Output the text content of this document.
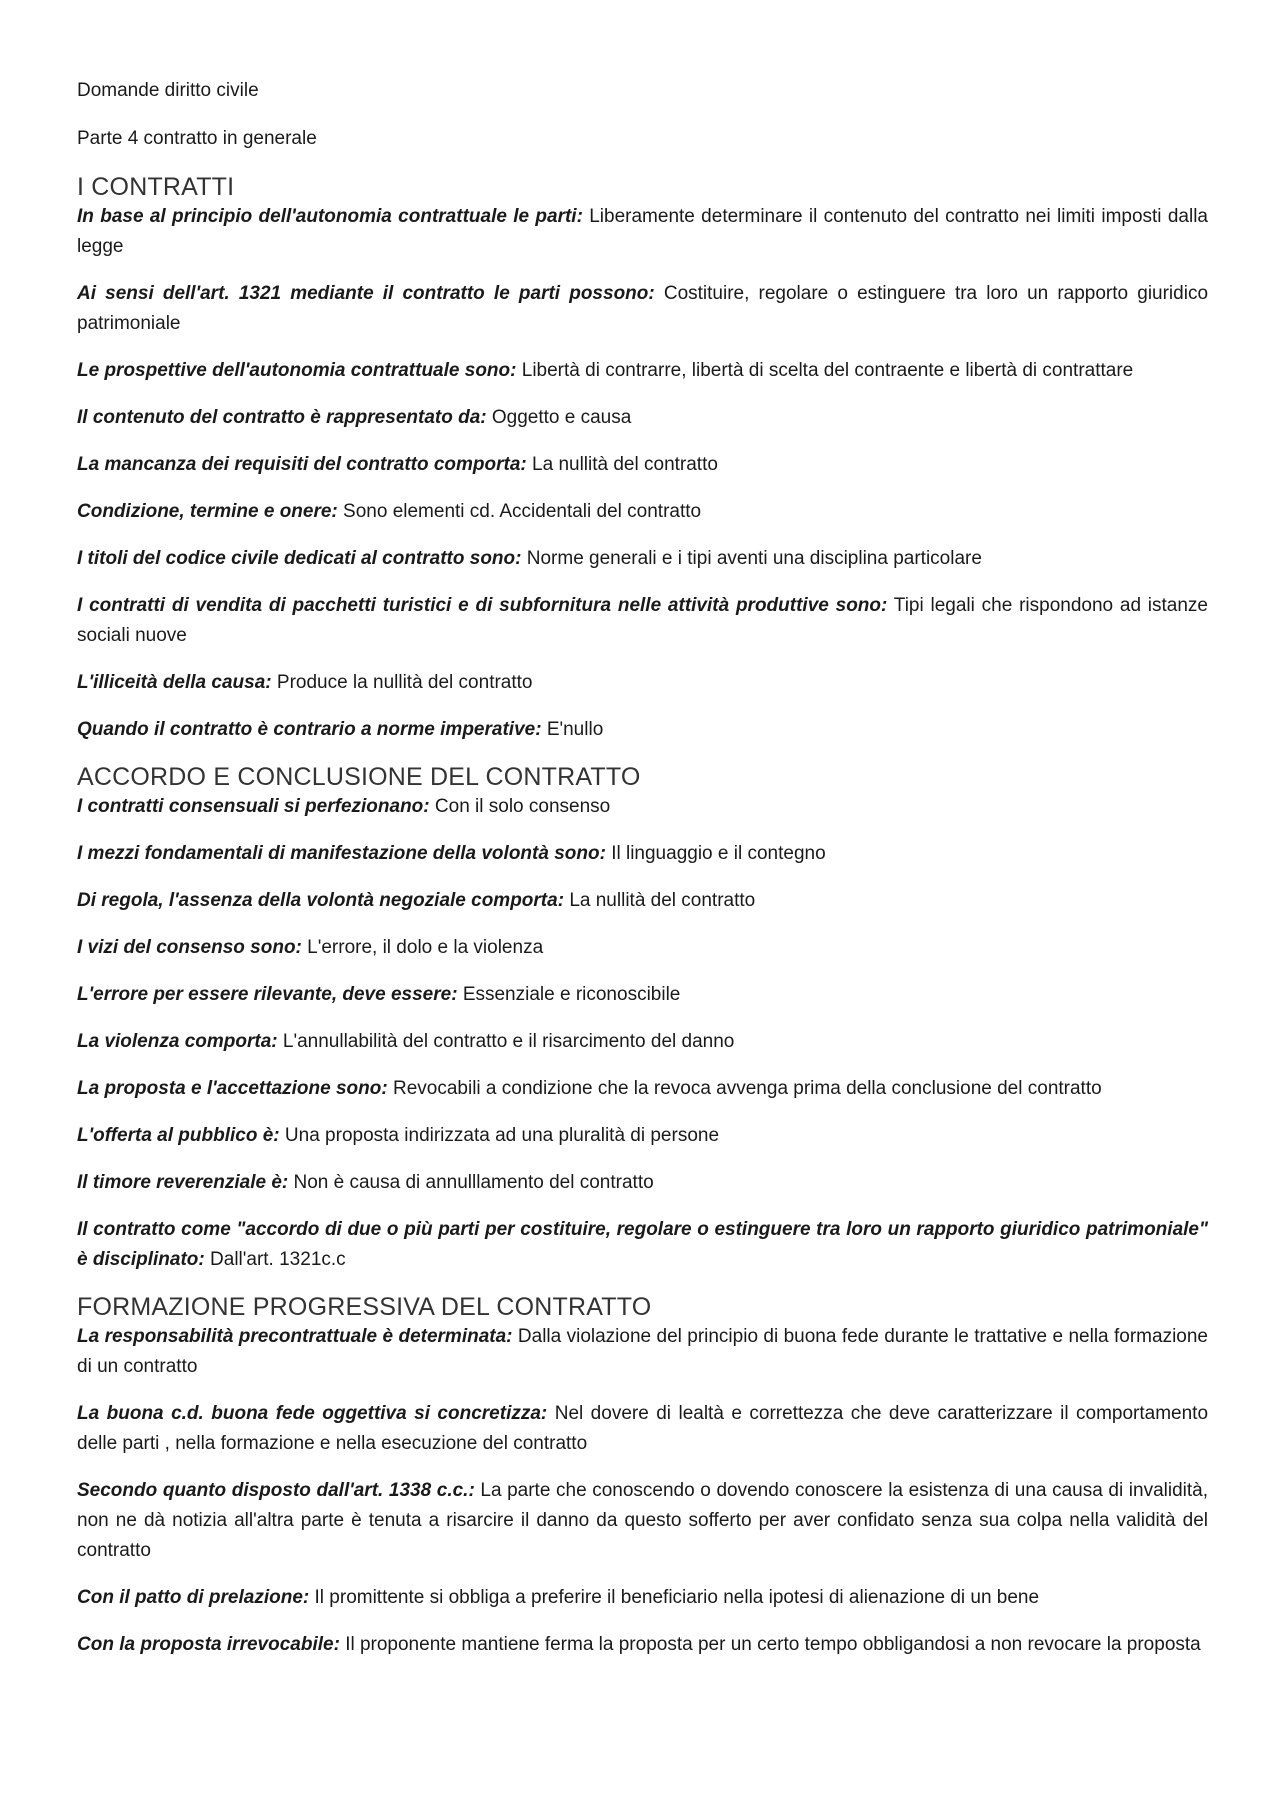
Domande diritto civile

Parte 4 contratto in generale

I CONTRATTI

In base al principio dell'autonomia contrattuale le parti: Liberamente determinare il contenuto del contratto nei limiti imposti dalla legge

Ai sensi dell'art. 1321 mediante il contratto le parti possono: Costituire, regolare o estinguere tra loro un rapporto giuridico patrimoniale

Le prospettive dell'autonomia contrattuale sono: Libertà di contrarre, libertà di scelta del contraente e libertà di contrattare

Il contenuto del contratto è rappresentato da: Oggetto e causa

La mancanza dei requisiti del contratto comporta: La nullità del contratto

Condizione, termine e onere: Sono elementi cd. Accidentali del contratto

I titoli del codice civile dedicati al contratto sono: Norme generali e i tipi aventi una disciplina particolare

I contratti di vendita di pacchetti turistici e di subfornitura nelle attività produttive sono: Tipi legali che rispondono ad istanze sociali nuove

L'illiceità della causa: Produce la nullità del contratto

Quando il contratto è contrario a norme imperative: E'nullo

ACCORDO E CONCLUSIONE DEL CONTRATTO

I contratti consensuali si perfezionano: Con il solo consenso

I mezzi fondamentali di manifestazione della volontà sono: Il linguaggio e il contegno

Di regola, l'assenza della volontà negoziale comporta: La nullità del contratto

I vizi del consenso sono: L'errore, il dolo e la violenza

L'errore per essere rilevante, deve essere: Essenziale e riconoscibile

La violenza comporta: L'annullabilità del contratto e il risarcimento del danno

La proposta e l'accettazione sono: Revocabili a condizione che la revoca avvenga prima della conclusione del contratto

L'offerta al pubblico è: Una proposta indirizzata ad una pluralità di persone

Il timore reverenziale è: Non è causa di annulllamento del contratto

Il contratto come "accordo di due o più parti per costituire, regolare o estinguere tra loro un rapporto giuridico patrimoniale" è disciplinato: Dall'art. 1321c.c

FORMAZIONE PROGRESSIVA DEL CONTRATTO

La responsabilità precontrattuale è determinata: Dalla violazione del principio di buona fede durante le trattative e nella formazione di un contratto

La buona c.d. buona fede oggettiva si concretizza: Nel dovere di lealtà e correttezza che deve caratterizzare il comportamento delle parti , nella formazione e nella esecuzione del contratto

Secondo quanto disposto dall'art. 1338 c.c.: La parte che conoscendo o dovendo conoscere la esistenza di una causa di invalidità, non ne dà notizia all'altra parte è tenuta a risarcire il danno da questo sofferto per aver confidato senza sua colpa nella validità del contratto

Con il patto di prelazione: Il promittente si obbliga a preferire il beneficiario nella ipotesi di alienazione di un bene

Con la proposta irrevocabile: Il proponente mantiene ferma la proposta per un certo tempo obbligandosi a non revocare la proposta
